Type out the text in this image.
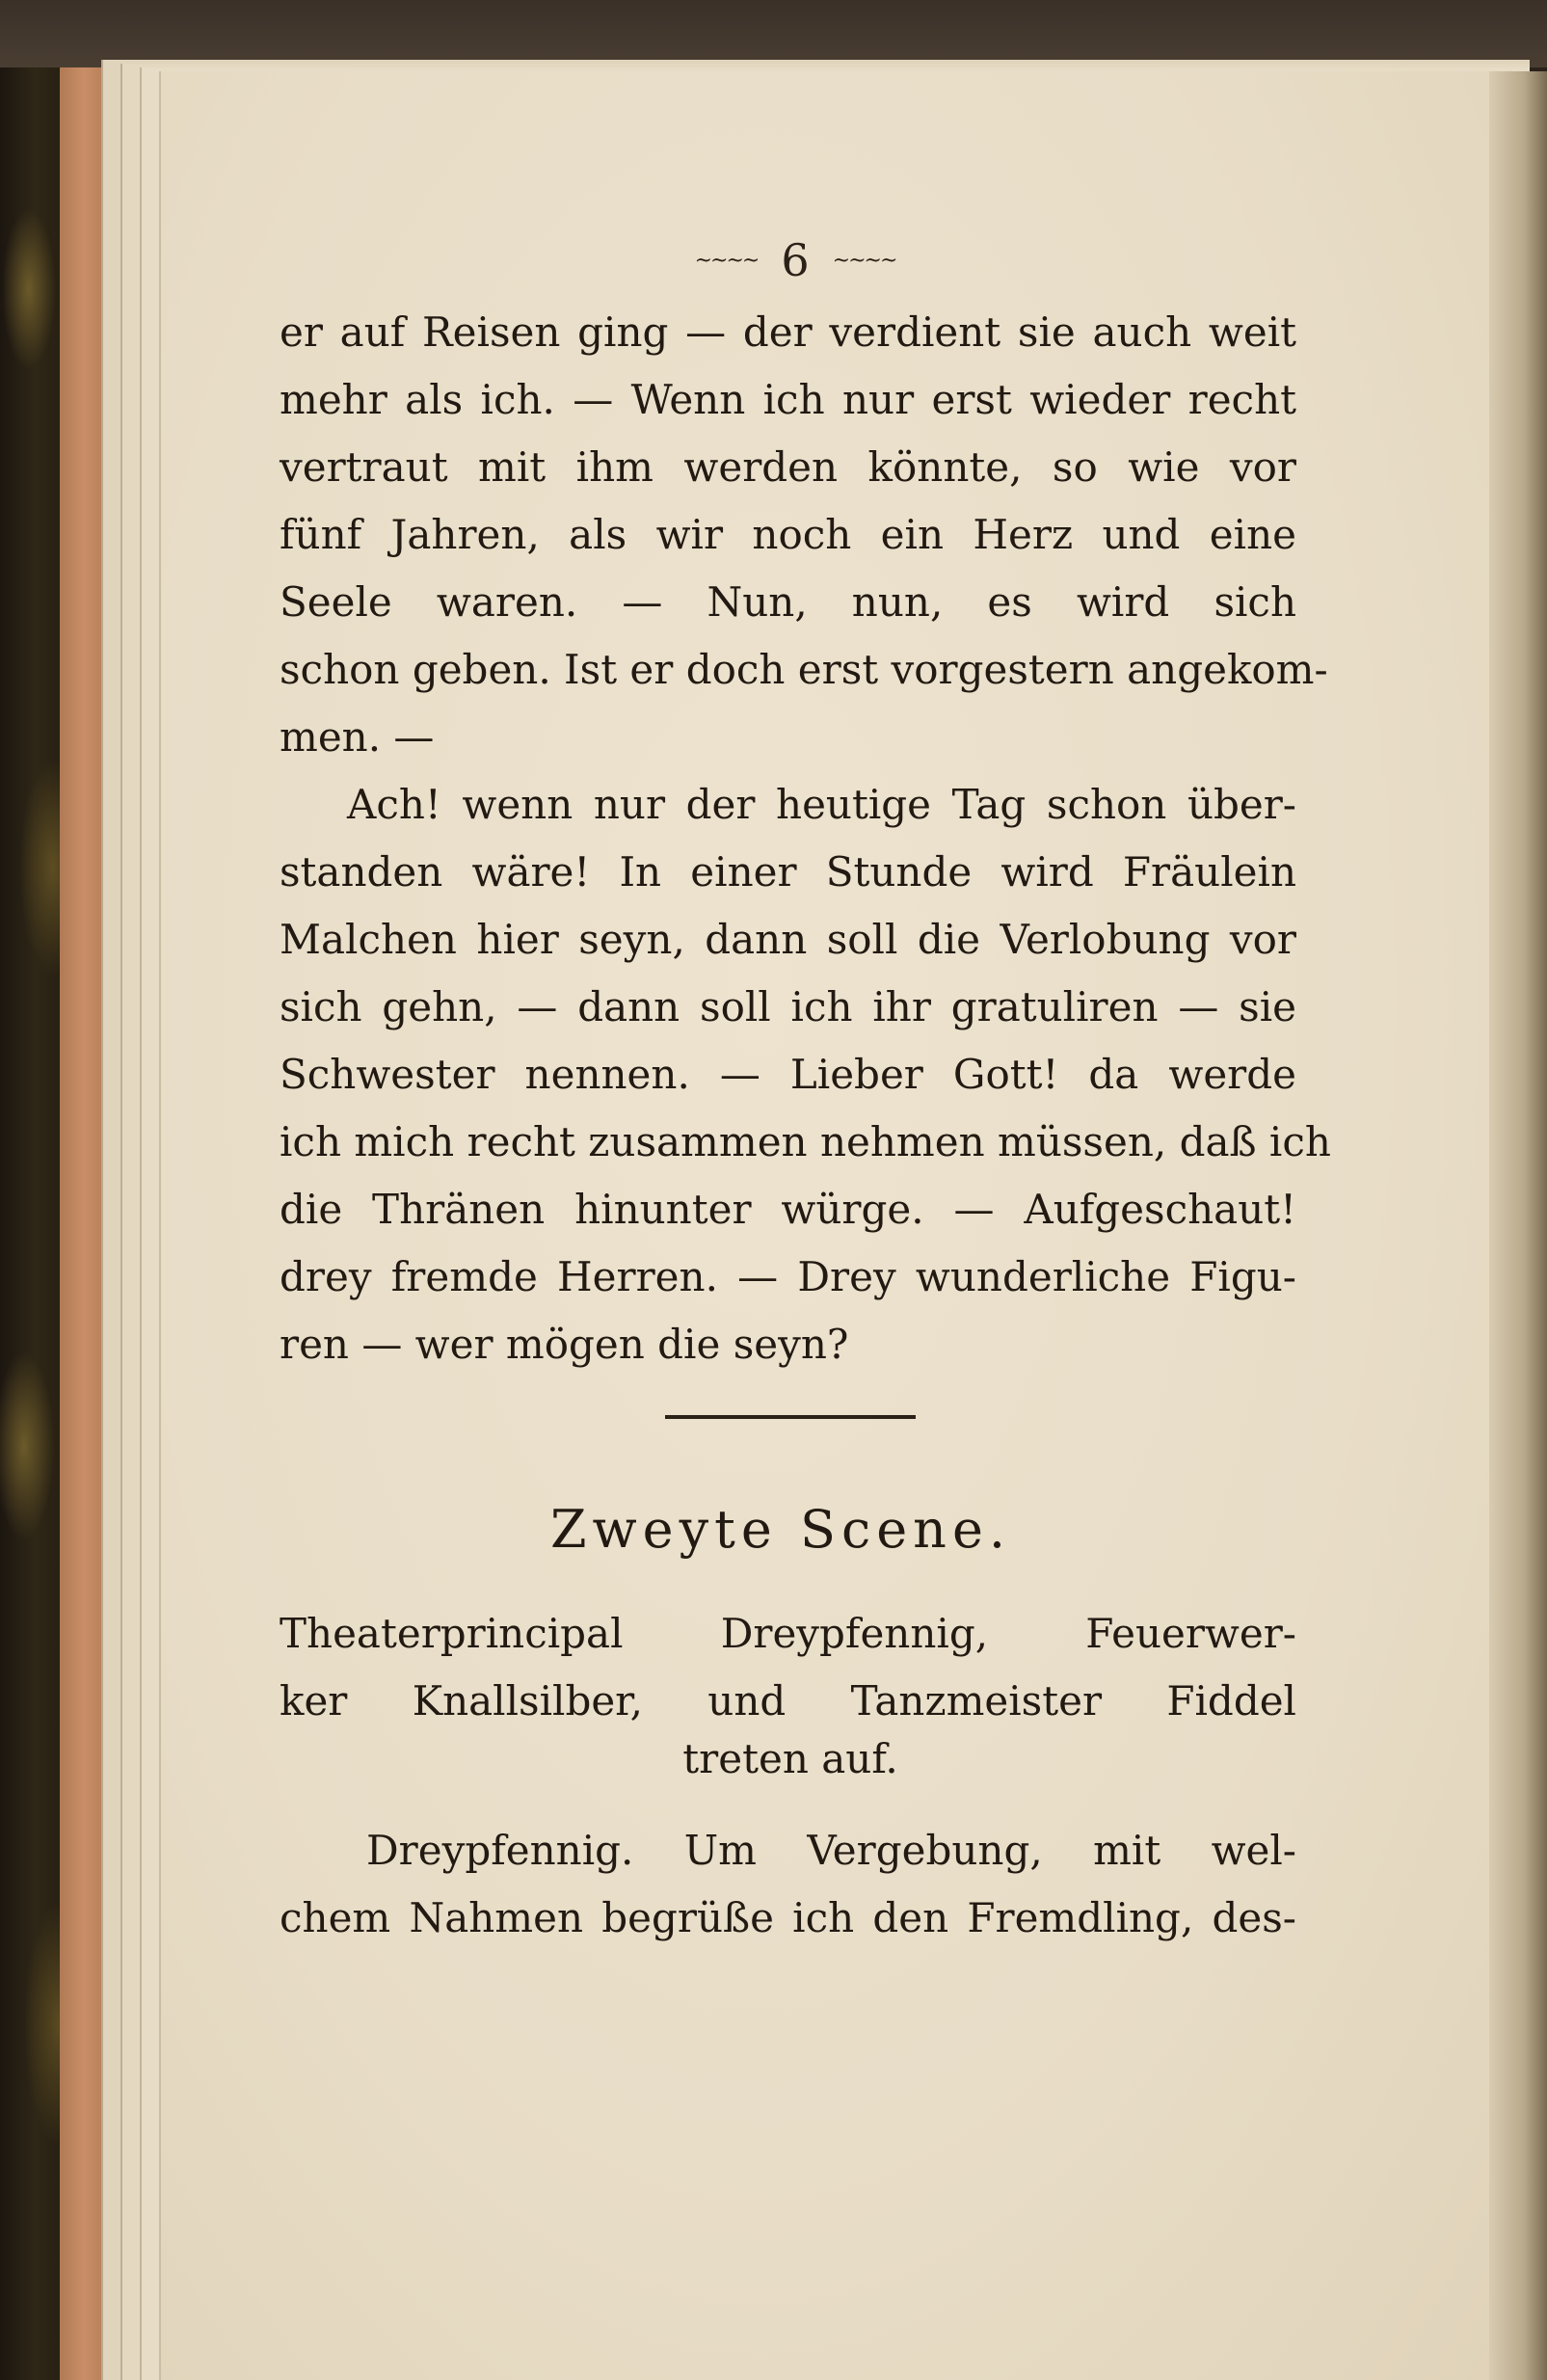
~~~~ 6 ~~~~
er auf Reisen ging — der verdient sie auch weit
mehr als ich. — Wenn ich nur erst wieder recht
vertraut mit ihm werden könnte, so wie vor
fünf Jahren, als wir noch ein Herz und eine
Seele waren. — Nun, nun, es wird sich
schon geben. Ist er doch erst vorgestern angekom-
men. —
Ach! wenn nur der heutige Tag schon über-
standen wäre! In einer Stunde wird Fräulein
Malchen hier seyn, dann soll die Verlobung vor
sich gehn, — dann soll ich ihr gratuliren — sie
Schwester nennen. — Lieber Gott! da werde
ich mich recht zusammen nehmen müssen, daß ich
die Thränen hinunter würge. — Aufgeschaut!
drey fremde Herren. — Drey wunderliche Figu-
ren — wer mögen die seyn?
Zweyte Scene.
Theaterprincipal Dreypfennig, Feuerwer-
ker Knallsilber, und Tanzmeister Fiddel
treten auf.
Dreypfennig. Um Vergebung, mit wel-
chem Nahmen begrüße ich den Fremdling, des-
